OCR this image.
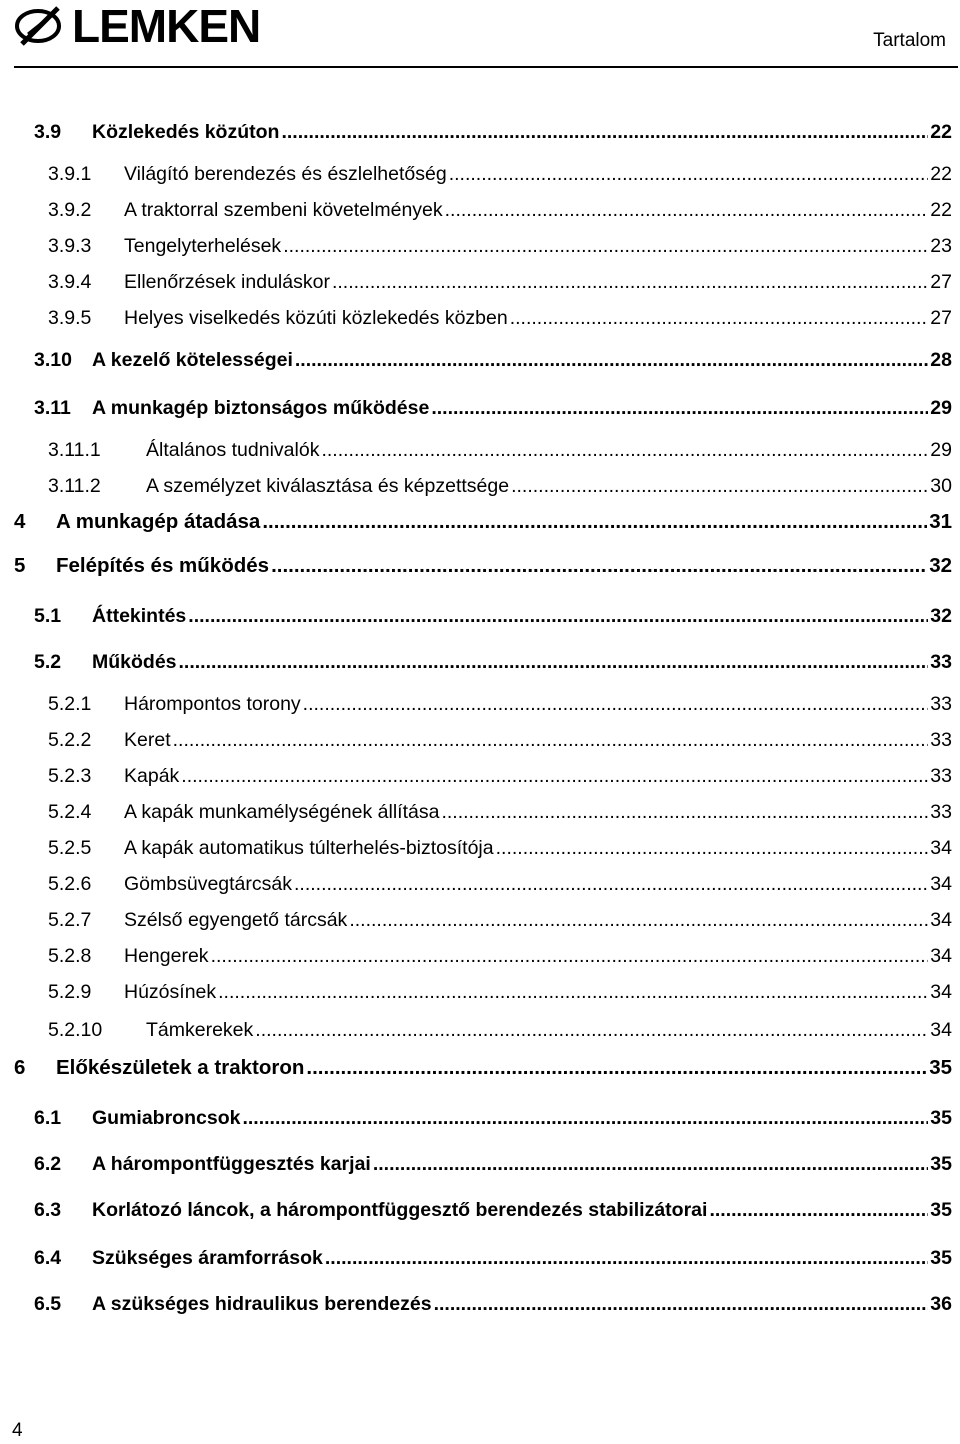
LEMKEN	Tartalom
3.9 Közlekedés közúton .....	22
3.9.1 Világító berendezés és észlelhetőség .....	22
3.9.2 A traktorral szembeni követelmények .....	22
3.9.3 Tengelyterhelések .....	23
3.9.4 Ellenőrzések induláskor .....	27
3.9.5 Helyes viselkedés közúti közlekedés közben .....	27
3.10 A kezelő kötelességei .....	28
3.11 A munkagép biztonságos működése .....	29
3.11.1 Általános tudnivalók .....	29
3.11.2 A személyzet kiválasztása és képzettsége .....	30
4 A munkagép átadása .....	31
5 Felépítés és működés .....	32
5.1 Áttekintés .....	32
5.2 Működés .....	33
5.2.1 Hárompontos torony .....	33
5.2.2 Keret .....	33
5.2.3 Kapák .....	33
5.2.4 A kapák munkamélységének állítása .....	33
5.2.5 A kapák automatikus túlterhelés-biztosítója .....	34
5.2.6 Gömbsüvegtárcsák .....	34
5.2.7 Szélső egyengető tárcsák .....	34
5.2.8 Hengerek .....	34
5.2.9 Húzósínek .....	34
5.2.10 Támkerekek .....	34
6 Előkészületek a traktoron .....	35
6.1 Gumiabroncsok .....	35
6.2 A hárompontfüggesztés karjai .....	35
6.3 Korlátozó láncok, a hárompontfüggesztő berendezés stabilizátorai .....	35
6.4 Szükséges áramforrások .....	35
6.5 A szükséges hidraulikus berendezés .....	36
4
